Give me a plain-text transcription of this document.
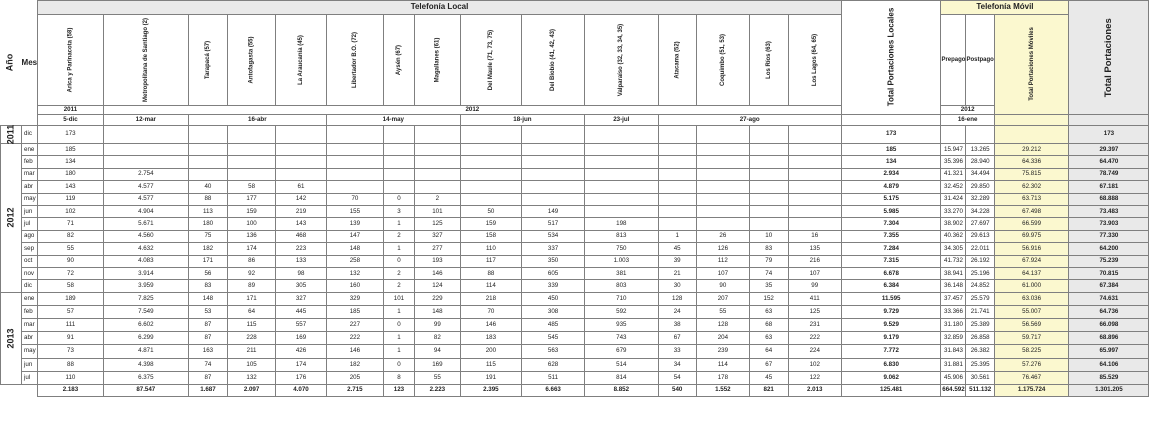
Año	Mes	Telefonía Local															Total Portaciones Locales	Telefonía Móvil			Total Portaciones
		Arica y Parinacota (58)	Metropolitana de Santiago (2)	Tarapacá (57)	Antofagasta (55)	La Araucanía (45)	Libertador B.O. (72)	Aysén (67)	Magallanes (61)	Del Maule (71, 73, 75)	Del Biobío (41, 42, 43)	Valparaíso (32, 33, 34, 35)	Atacama (52)	Coquimbo (51, 53)	Los Ríos (63)	Los Lagos (64, 65)		Prepago	Postpago	Total Portaciones Móviles	
		2011	2012															2012			
		5-dic	12-mar	16-abr			14-may			18-jun		23-jul	27-ago					16-ene			
2011	dic	173															173				173
2012	ene	185															185	15.947	13.265	29.212	29.397
	feb	134															134	35.396	28.940	64.336	64.470
	mar	180	2.754														2.934	41.321	34.494	75.815	78.749
	abr	143	4.577	40	58	61											4.879	32.452	29.850	62.302	67.181
	may	119	4.577	88	177	142	70	0	2								5.175	31.424	32.289	63.713	68.888
	jun	102	4.904	113	159	219	155	3	101	50	149						5.985	33.270	34.228	67.498	73.483
	jul	71	5.671	180	100	143	139	1	125	159	517	198					7.304	38.902	27.697	66.599	73.903
	ago	82	4.560	75	136	468	147	2	327	158	534	813	1	26	10	16	7.355	40.362	29.613	69.975	77.330
	sep	55	4.632	182	174	223	148	1	277	110	337	750	45	126	83	135	7.284	34.305	22.011	56.916	64.200
	oct	90	4.083	171	86	133	258	0	193	117	350	1.003	39	112	79	216	7.315	41.732	26.192	67.924	75.239
	nov	72	3.914	56	92	98	132	2	146	88	605	381	21	107	74	107	6.678	38.941	25.196	64.137	70.815
	dic	58	3.959	83	89	305	160	2	124	114	339	803	30	90	35	99	6.384	36.148	24.852	61.000	67.384
2013	ene	189	7.825	148	171	327	329	101	229	218	450	710	128	207	152	411	11.595	37.457	25.579	63.036	74.631
	feb	57	7.549	53	64	445	185	1	148	70	308	592	24	55	63	125	9.729	33.366	21.741	55.007	64.736
	mar	111	6.602	87	115	557	227	0	99	146	485	935	38	128	68	231	9.529	31.180	25.389	56.569	66.098
	abr	91	6.299	87	228	169	222	1	82	183	545	743	67	204	63	222	9.179	32.859	26.858	59.717	68.896
	may	73	4.871	163	211	426	146	1	94	200	563	679	33	239	64	224	7.772	31.843	26.382	58.225	65.997
	jun	88	4.398	74	105	174	182	0	169	115	628	514	34	114	67	102	6.830	31.881	25.395	57.276	64.106
	jul	110	6.375	87	132	176	205	8	55	191	511	814	54	178	45	122	9.062	45.906	30.561	76.467	85.529
		2.183	87.547	1.687	2.097	4.070	2.715	123	2.223	2.395	6.663	8.852	540	1.552	821	2.013	125.481	664.592	511.132	1.175.724	1.301.205
